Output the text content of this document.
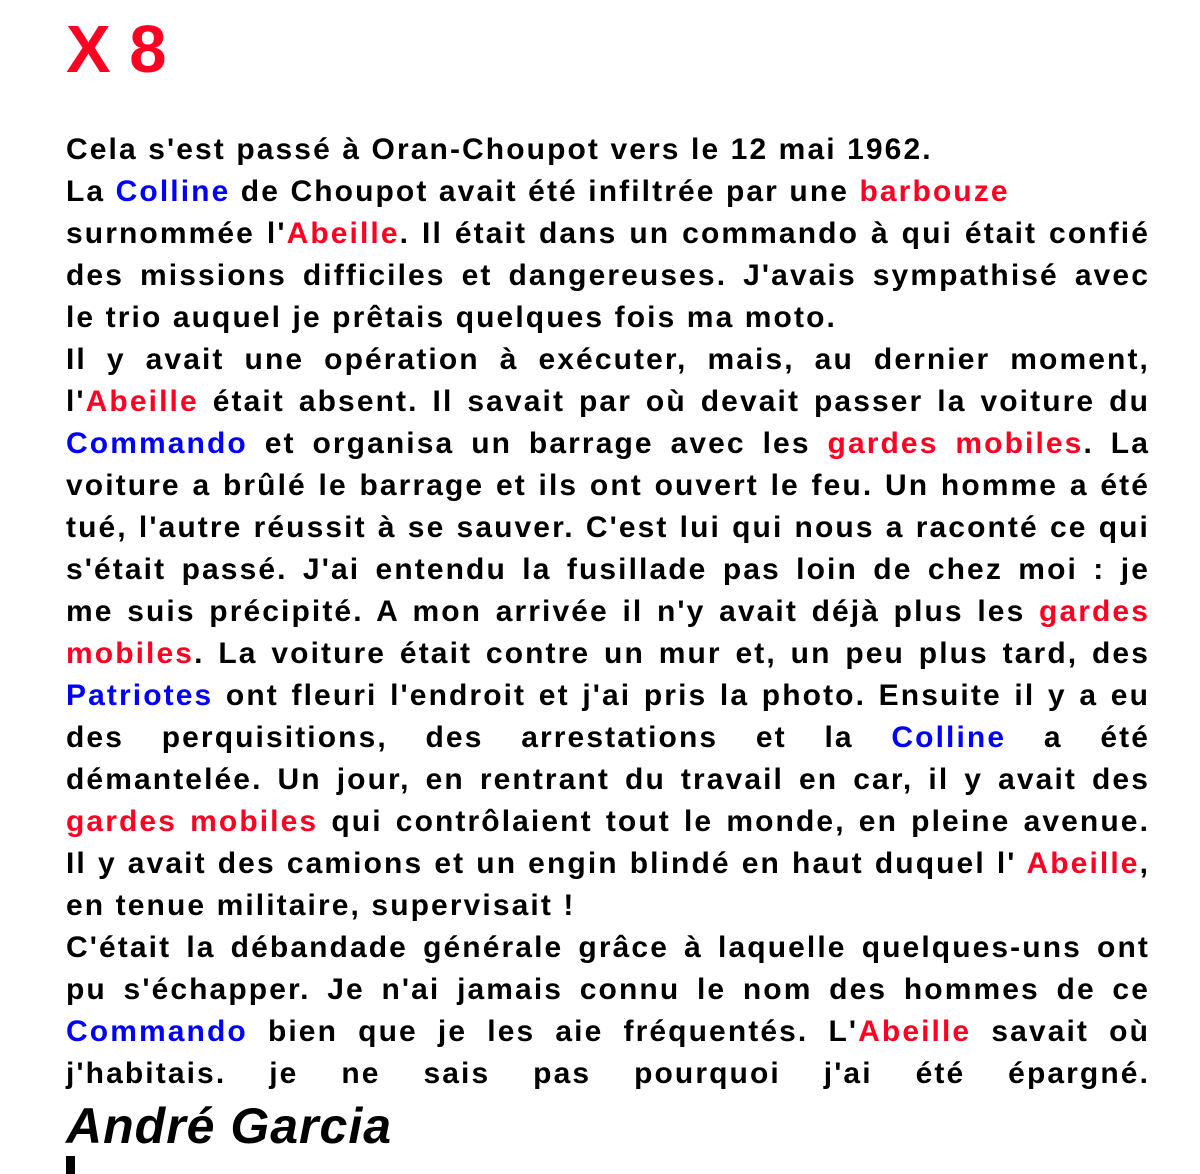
X 8
Cela s'est passé à Oran-Choupot vers le 12 mai 1962.
La Colline de Choupot avait été infiltrée par une barbouze
surnommée l'Abeille. Il était dans un commando à qui était confié
des missions difficiles et dangereuses. J'avais sympathisé avec
le trio auquel je prêtais quelques fois ma moto.
Il y avait une opération à exécuter, mais, au dernier moment,
l'Abeille était absent. Il savait par où devait passer la voiture du
Commando et organisa un barrage avec les gardes mobiles. La
voiture a brûlé le barrage et ils ont ouvert le feu. Un homme a été
tué, l'autre réussit à se sauver. C'est lui qui nous a raconté ce qui
s'était passé. J'ai entendu la fusillade pas loin de chez moi : je
me suis précipité. A mon arrivée il n'y avait déjà plus les gardes
mobiles. La voiture était contre un mur et, un peu plus tard, des
Patriotes ont fleuri l'endroit et j'ai pris la photo. Ensuite il y a eu
des perquisitions, des arrestations et la Colline a été
démantelée. Un jour, en rentrant du travail en car, il y avait des
gardes mobiles qui contrôlaient tout le monde, en pleine avenue.
Il y avait des camions et un engin blindé en haut duquel l' Abeille,
en tenue militaire, supervisait !
C'était la débandade générale grâce à laquelle quelques-uns ont
pu s'échapper. Je n'ai jamais connu le nom des hommes de ce
Commando bien que je les aie fréquentés. L'Abeille savait où
j'habitais. je ne sais pas pourquoi j'ai été épargné.
André Garcia
